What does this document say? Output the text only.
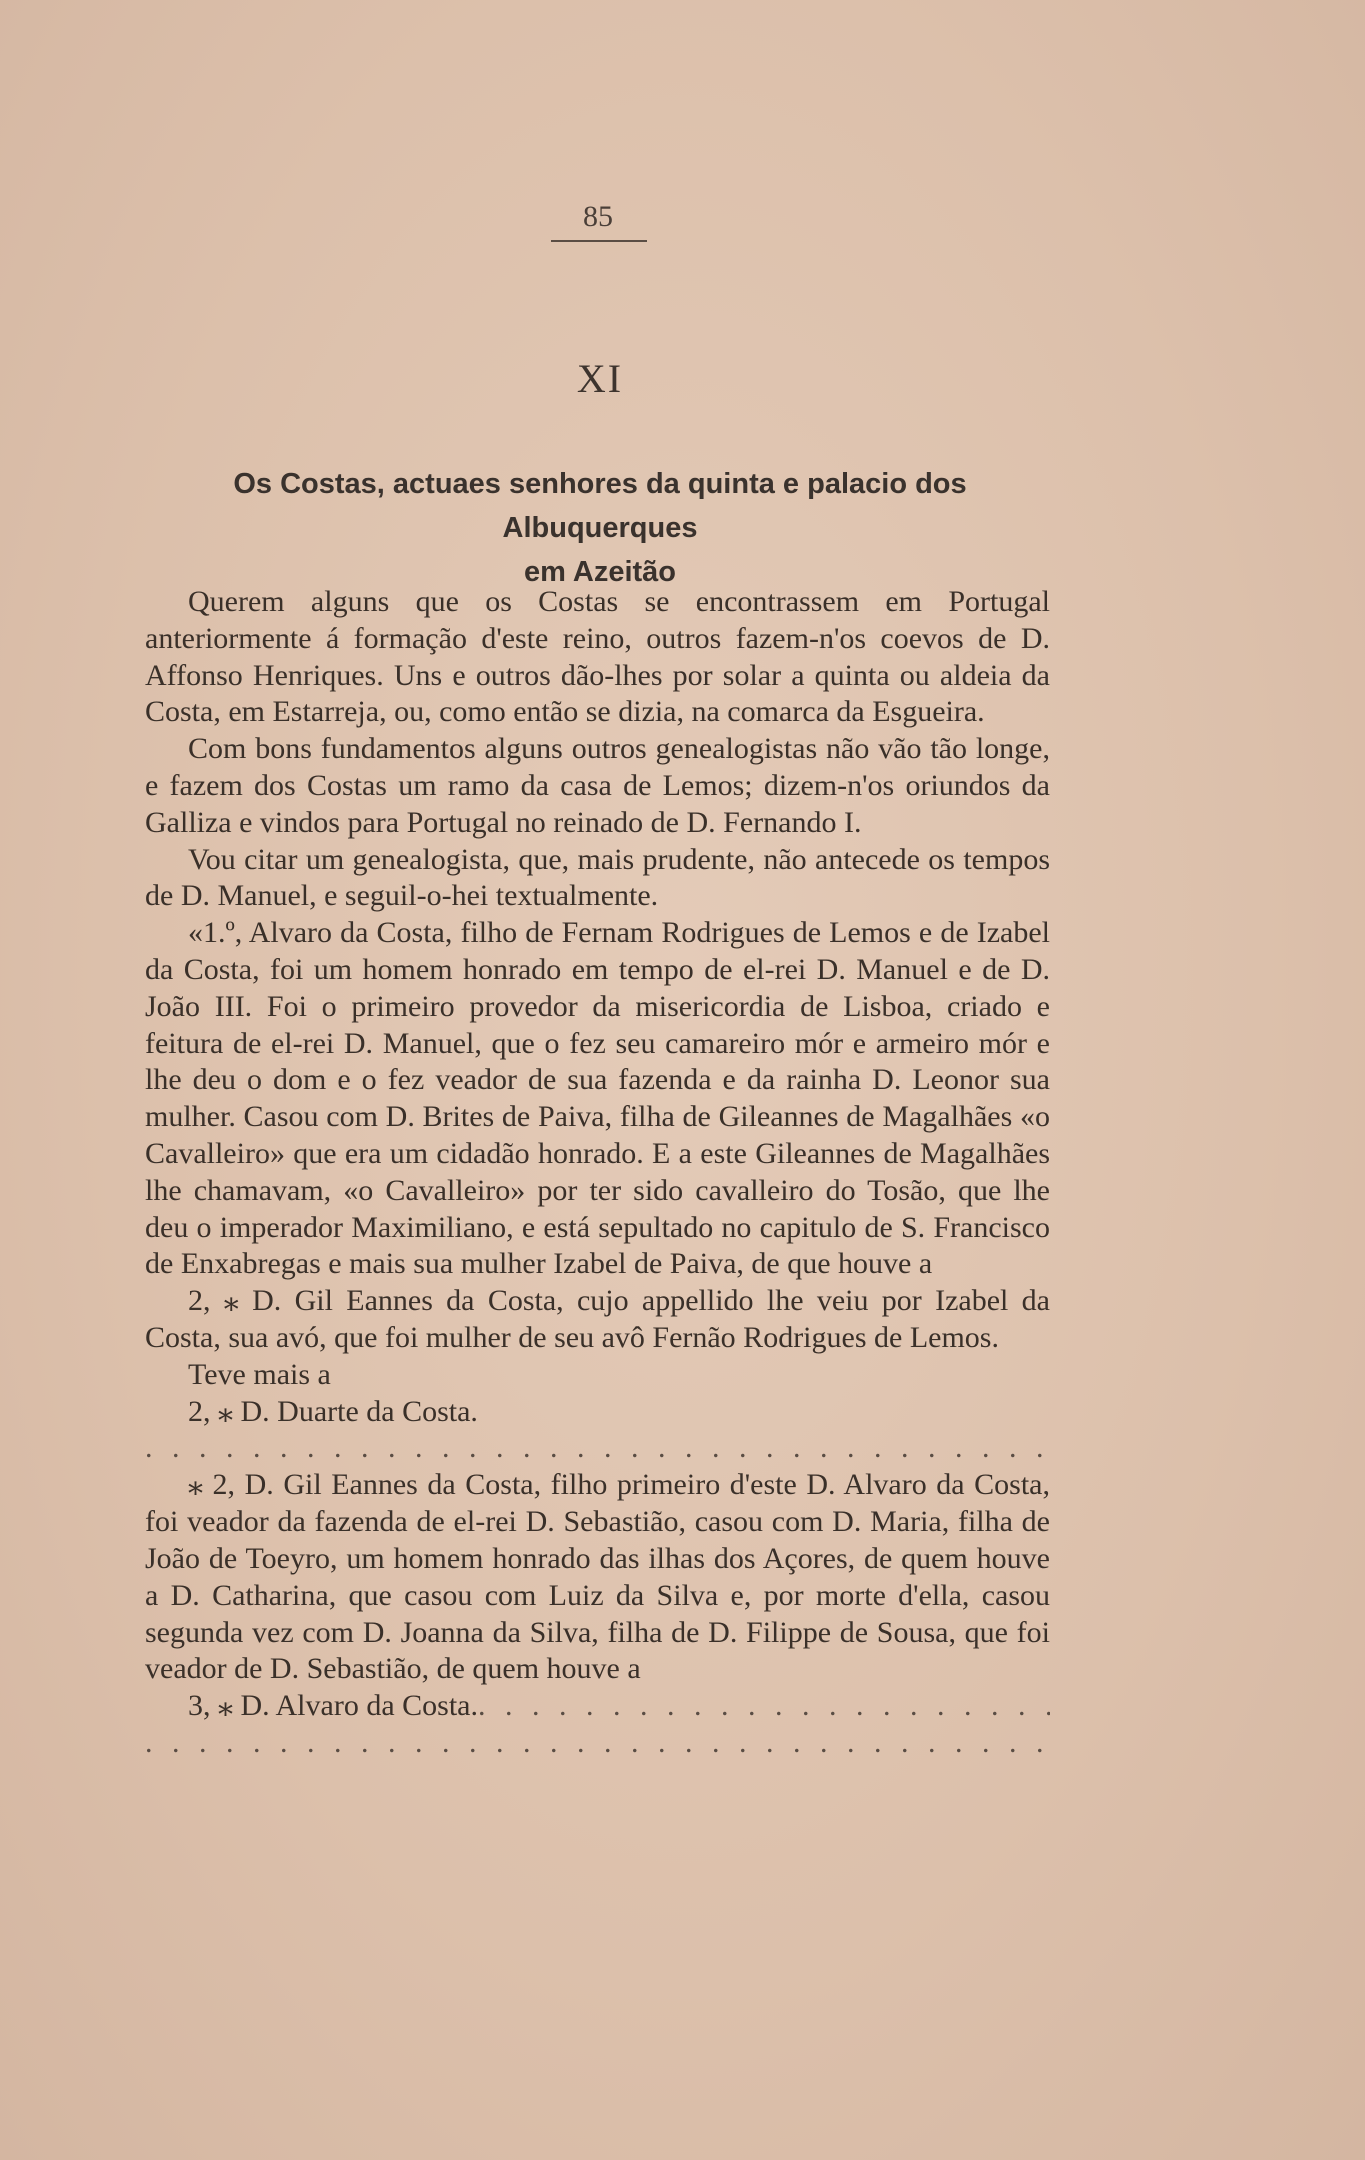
85
XI
Os Costas, actuaes senhores da quinta e palacio dos Albuquerques
em Azeitão

Querem alguns que os Costas se encontrassem em Portugal anteriormente á formação d'este reino, outros fazem-n'os coevos de D. Affonso Henriques. Uns e outros dão-lhes por solar a quinta ou aldeia da Costa, em Estarreja, ou, como então se dizia, na comarca da Esgueira.

Com bons fundamentos alguns outros genealogistas não vão tão longe, e fazem dos Costas um ramo da casa de Lemos; dizem-n'os oriundos da Galliza e vindos para Portugal no reinado de D. Fernando I.

Vou citar um genealogista, que, mais prudente, não antecede os tempos de D. Manuel, e seguil-o-hei textualmente.

«1.º, Alvaro da Costa, filho de Fernam Rodrigues de Lemos e de Izabel da Costa, foi um homem honrado em tempo de el-rei D. Manuel e de D. João III. Foi o primeiro provedor da misericordia de Lisboa, criado e feitura de el-rei D. Manuel, que o fez seu camareiro mór e armeiro mór e lhe deu o dom e o fez veador de sua fazenda e da rainha D. Leonor sua mulher. Casou com D. Brites de Paiva, filha de Gileannes de Magalhães «o Cavalleiro» que era um cidadão honrado. E a este Gileannes de Magalhães lhe chamavam, «o Cavalleiro» por ter sido cavalleiro do Tosão, que lhe deu o imperador Maximiliano, e está sepultado no capitulo de S. Francisco de Enxabregas e mais sua mulher Izabel de Paiva, de que houve a

2, ⁎ D. Gil Eannes da Costa, cujo appellido lhe veiu por Izabel da Costa, sua avó, que foi mulher de seu avô Fernão Rodrigues de Lemos.

Teve mais a

2, ⁎ D. Duarte da Costa.

. . .

⁎ 2, D. Gil Eannes da Costa, filho primeiro d'este D. Alvaro da Costa, foi veador da fazenda de el-rei D. Sebastião, casou com D. Maria, filha de João de Toeyro, um homem honrado das ilhas dos Açores, de quem houve a D. Catharina, que casou com Luiz da Silva e, por morte d'ella, casou segunda vez com D. Joanna da Silva, filha de D. Filippe de Sousa, que foi veador de D. Sebastião, de quem houve a

3, ⁎ D. Alvaro da Costa.
. . .
. . .
